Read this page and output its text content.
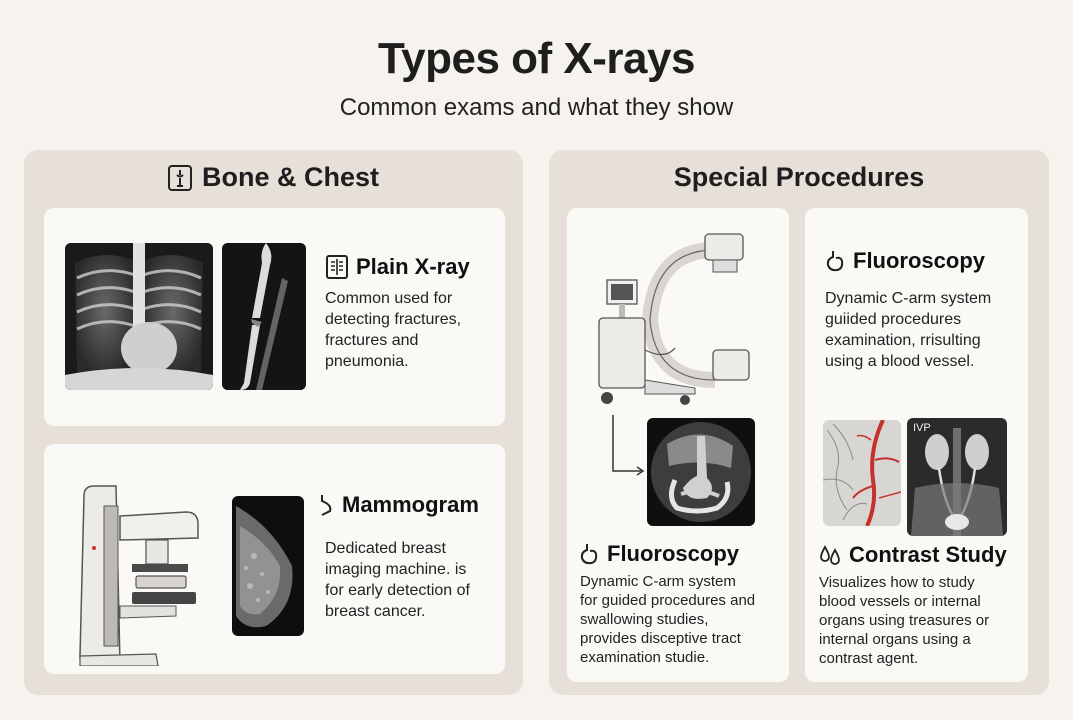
Types of X-rays
Common exams and what they show
Bone & Chest
Plain X-ray
Common used for
detecting fractures,
fractures and
pneumonia.
Mammogram
Dedicated breast
imaging machine. is
for early detection of
breast cancer.
Special Procedures
Fluoroscopy
Dynamic C-arm system
for guided procedures and
swallowing studies,
provides disceptive tract
examination studie.
Fluoroscopy
Dynamic C-arm system
guiided procedures
examination, rrisulting
using a blood vessel.
IVP
Contrast Study
Visualizes how to study
blood vessels or internal
organs using treasures or
internal organs using a
contrast agent.
